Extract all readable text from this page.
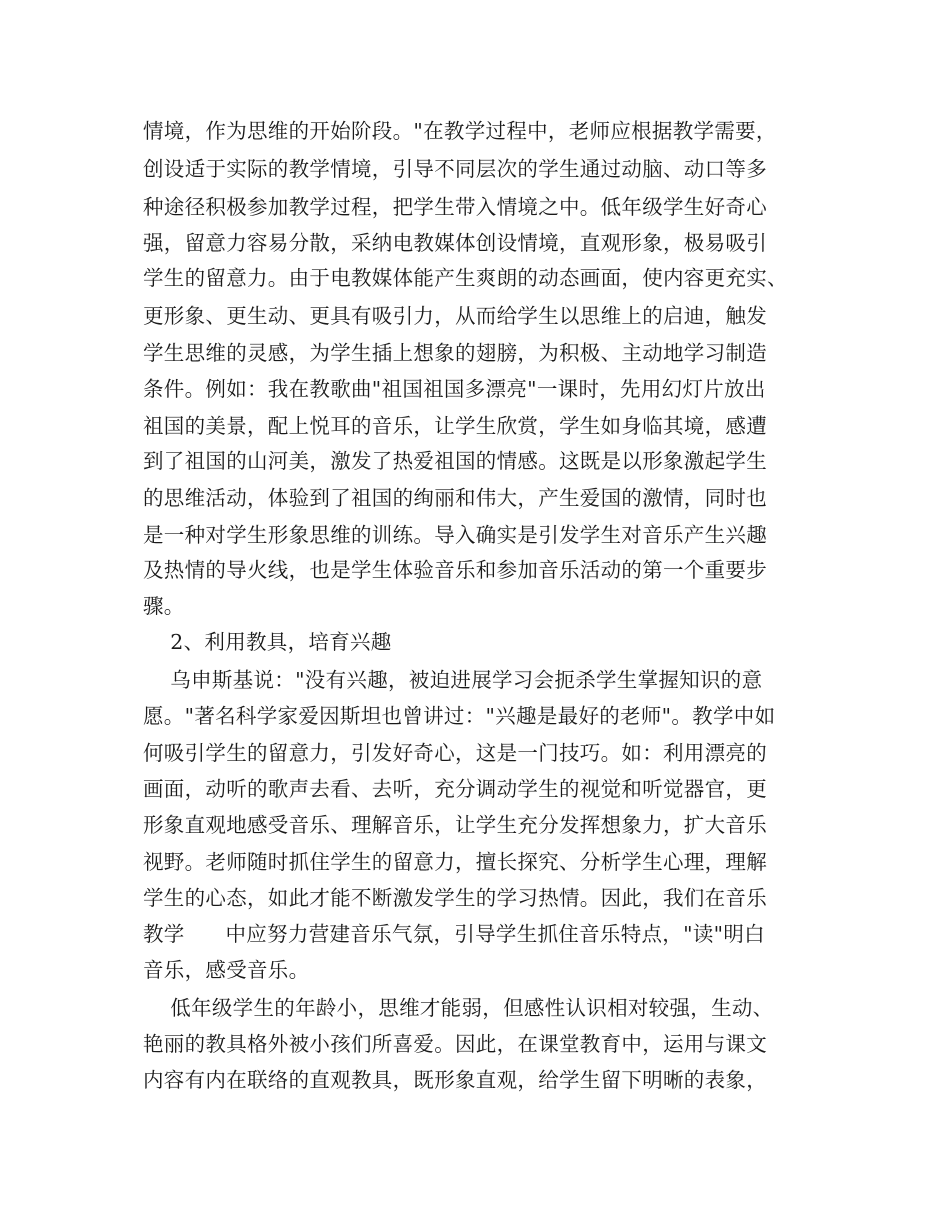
情境，作为思维的开始阶段。"在教学过程中，老师应根据教学需要，

创设适于实际的教学情境，引导不同层次的学生通过动脑、动口等多

种途径积极参加教学过程，把学生带入情境之中。低年级学生好奇心

强，留意力容易分散，采纳电教媒体创设情境，直观形象，极易吸引

学生的留意力。由于电教媒体能产生爽朗的动态画面，使内容更充实、

更形象、更生动、更具有吸引力，从而给学生以思维上的启迪，触发

学生思维的灵感，为学生插上想象的翅膀，为积极、主动地学习制造

条件。例如：我在教歌曲"祖国祖国多漂亮"一课时，先用幻灯片放出

祖国的美景，配上悦耳的音乐，让学生欣赏，学生如身临其境，感遭

到了祖国的山河美，激发了热爱祖国的情感。这既是以形象激起学生

的思维活动，体验到了祖国的绚丽和伟大，产生爱国的激情，同时也

是一种对学生形象思维的训练。导入确实是引发学生对音乐产生兴趣

及热情的导火线，也是学生体验音乐和参加音乐活动的第一个重要步

骤。

2、利用教具，培育兴趣

乌申斯基说："没有兴趣，被迫进展学习会扼杀学生掌握知识的意

愿。"著名科学家爱因斯坦也曾讲过："兴趣是最好的老师"。教学中如

何吸引学生的留意力，引发好奇心，这是一门技巧。如：利用漂亮的

画面，动听的歌声去看、去听，充分调动学生的视觉和听觉器官，更

形象直观地感受音乐、理解音乐，让学生充分发挥想象力，扩大音乐

视野。老师随时抓住学生的留意力，擅长探究、分析学生心理，理解

学生的心态，如此才能不断激发学生的学习热情。因此，我们在音乐

教学      中应努力营建音乐气氛，引导学生抓住音乐特点，"读"明白

音乐，感受音乐。

低年级学生的年龄小，思维才能弱，但感性认识相对较强，生动、

艳丽的教具格外被小孩们所喜爱。因此，在课堂教育中，运用与课文

内容有内在联络的直观教具，既形象直观，给学生留下明晰的表象，
